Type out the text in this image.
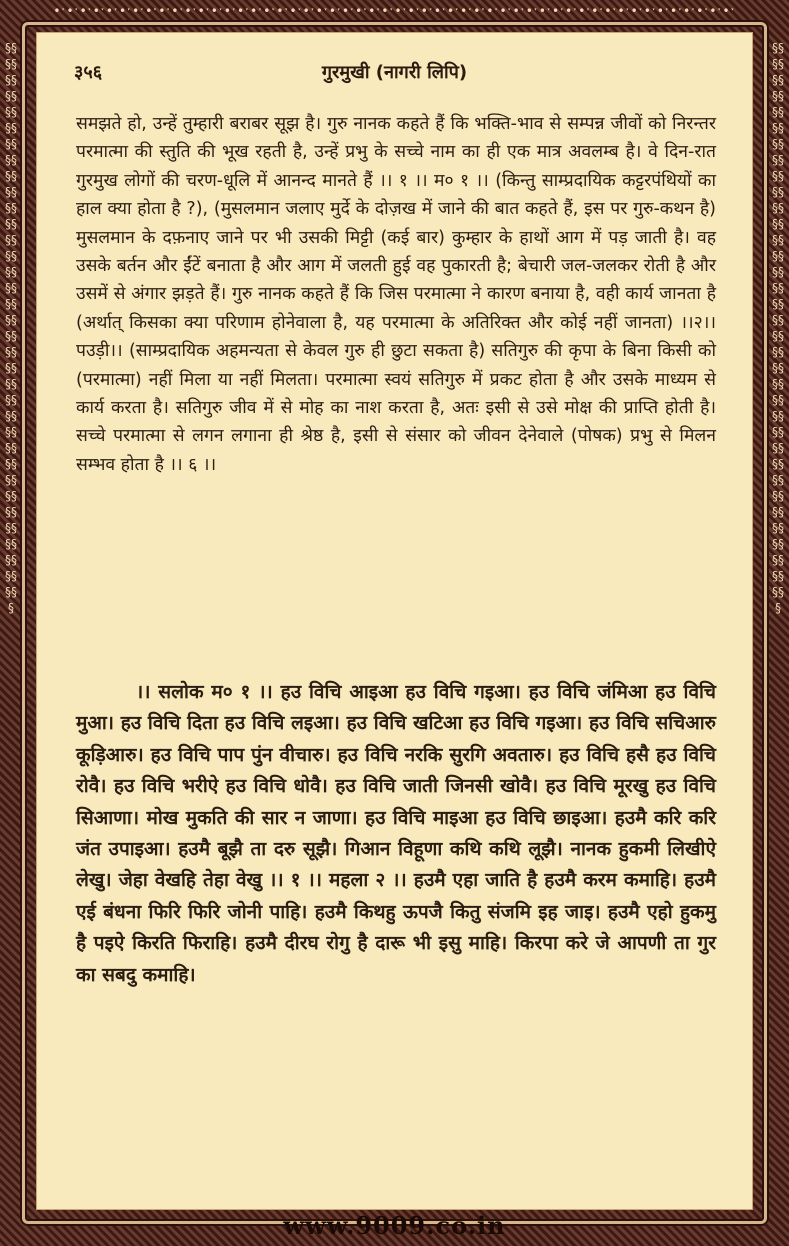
•ˑ•ˑ•ˑ•ˑ•ˑ•ˑ•ˑ•ˑ•ˑ•ˑ•ˑ•ˑ•ˑ•ˑ•ˑ•ˑ•ˑ•ˑ•ˑ•ˑ•ˑ•ˑ•ˑ•ˑ•ˑ•ˑ•ˑ•ˑ•ˑ•ˑ•ˑ•ˑ•ˑ•ˑ•ˑ•ˑ•ˑ•ˑ•ˑ•ˑ•ˑ•ˑ•ˑ•ˑ•ˑ•ˑ•ˑ•ˑ•ˑ•ˑ•ˑ•ˑ
§§§§§§§§§§§§§§§§§§§§§§§§§§§§§§§§§§§§§§§§§§§§§§§§§§§§§§§§§§§§§§§§§§§§§§§
§§§§§§§§§§§§§§§§§§§§§§§§§§§§§§§§§§§§§§§§§§§§§§§§§§§§§§§§§§§§§§§§§§§§§§§
३५६	गुरमुखी (नागरी लिपि)
समझते हो, उन्हें तुम्हारी बराबर सूझ है। गुरु नानक कहते हैं कि भक्ति-भाव से सम्पन्न जीवों को निरन्तर परमात्मा की स्तुति की भूख रहती है, उन्हें प्रभु के सच्चे नाम का ही एक मात्र अवलम्ब है। वे दिन-रात गुरमुख लोगों की चरण-धूलि में आनन्द मानते हैं ।। १ ।। म० १ ।। (किन्तु साम्प्रदायिक कट्टरपंथियों का हाल क्या होता है ?), (मुसलमान जलाए मुर्दे के दोज़ख में जाने की बात कहते हैं, इस पर गुरु-कथन है) मुसलमान के दफ़नाए जाने पर भी उसकी मिट्टी (कई बार) कुम्हार के हाथों आग में पड़ जाती है। वह उसके बर्तन और ईंटें बनाता है और आग में जलती हुई वह पुकारती है; बेचारी जल-जलकर रोती है और उसमें से अंगार झड़ते हैं। गुरु नानक कहते हैं कि जिस परमात्मा ने कारण बनाया है, वही कार्य जानता है (अर्थात् किसका क्या परिणाम होनेवाला है, यह परमात्मा के अतिरिक्त और कोई नहीं जानता) ।।२।। पउड़ी।। (साम्प्रदायिक अहमन्यता से केवल गुरु ही छुटा सकता है) सतिगुरु की कृपा के बिना किसी को (परमात्मा) नहीं मिला या नहीं मिलता। परमात्मा स्वयं सतिगुरु में प्रकट होता है और उसके माध्यम से कार्य करता है। सतिगुरु जीव में से मोह का नाश करता है, अतः इसी से उसे मोक्ष की प्राप्ति होती है। सच्चे परमात्मा से लगन लगाना ही श्रेष्ठ है, इसी से संसार को जीवन देनेवाले (पोषक) प्रभु से मिलन सम्भव होता है ।। ६ ।।
।। सलोक म० १ ।। हउ विचि आइआ हउ विचि गइआ। हउ विचि जंमिआ हउ विचि मुआ। हउ विचि दिता हउ विचि लइआ। हउ विचि खटिआ हउ विचि गइआ। हउ विचि सचिआरु कूड़िआरु। हउ विचि पाप पुंन वीचारु। हउ विचि नरकि सुरगि अवतारु। हउ विचि हसै हउ विचि रोवै। हउ विचि भरीऐ हउ विचि धोवै। हउ विचि जाती जिनसी खोवै। हउ विचि मूरखु हउ विचि सिआणा। मोख मुकति की सार न जाणा। हउ विचि माइआ हउ विचि छाइआ। हउमै करि करि जंत उपाइआ। हउमै बूझै ता दरु सूझै। गिआन विहूणा कथि कथि लूझै। नानक हुकमी लिखीऐ लेखु। जेहा वेखहि तेहा वेखु ।। १ ।। महला २ ।। हउमै एहा जाति है हउमै करम कमाहि। हउमै एई बंधना फिरि फिरि जोनी पाहि। हउमै किथहु ऊपजै कितु संजमि इह जाइ। हउमै एहो हुकमु है पइऐ किरति फिराहि। हउमै दीरघ रोगु है दारू भी इसु माहि। किरपा करे जे आपणी ता गुर का सबदु कमाहि।
www.9009.co.in
